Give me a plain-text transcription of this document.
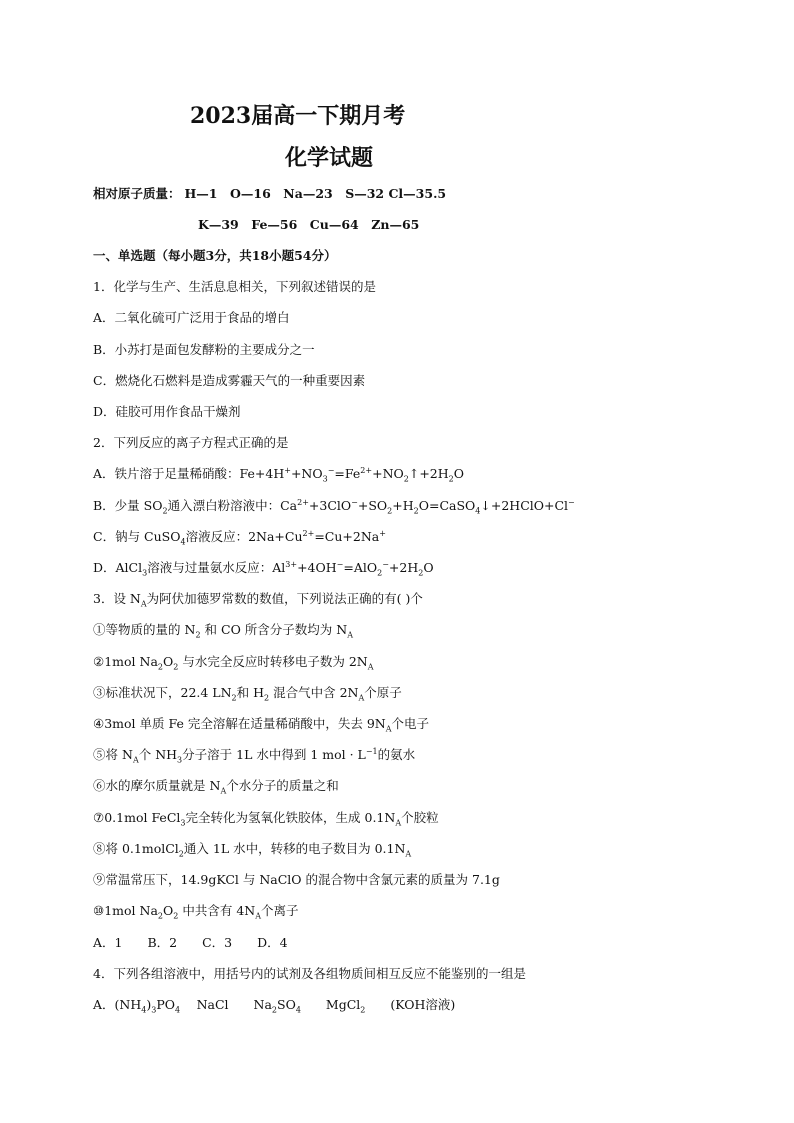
2023届高一下期月考
化学试题
相对原子质量： H—1　O—16　Na—23　S—32 Cl—35.5
K—39　Fe—56　Cu—64　Zn—65
一、单选题（每小题3分，共18小题54分）
1．化学与生产、生活息息相关，下列叙述错误的是
A．二氧化硫可广泛用于食品的增白
B．小苏打是面包发酵粉的主要成分之一
C．燃烧化石燃料是造成雾霾天气的一种重要因素
D．硅胶可用作食品干燥剂
2．下列反应的离子方程式正确的是
A．铁片溶于足量稀硝酸：$Fe+4H^++NO_3^-=Fe^{2+}+NO_2↑+2H_2O$
B．少量 $SO_2$通入漂白粉溶液中：$Ca^{2+}+3ClO^-+SO_2+H_2O=CaSO_4↓+2HClO+Cl^-$
C．钠与 CuSO$_4$溶液反应：$2Na+Cu^{2+}=Cu+2Na^+$
D．AlCl$_3$溶液与过量氨水反应：$Al^{3+}+4OH^-=AlO_2^-+2H_2O$
3．设 $N_A$为阿伏加德罗常数的数值，下列说法正确的有( )个
①等物质的量的 $N_2$ 和 CO 所含分子数均为 $N_A$
②1mol $Na_2O_2$ 与水完全反应时转移电子数为 $2N_A$
③标准状况下，22.4 $LN_2$和 $H_2$ 混合气中含 $2N_A$个原子
④3mol 单质 Fe 完全溶解在适量稀硝酸中，失去 $9N_A$个电子
⑤将 $N_A$个 $NH_3$分子溶于 1L 水中得到 1 mol · $L^{-1}$的氨水
⑥水的摩尔质量就是 $N_A$个水分子的质量之和
⑦0.1mol FeCl$_3$完全转化为氢氧化铁胶体，生成 $0.1N_A$个胶粒
⑧将 0.1molCl$_2$通入 1L 水中，转移的电子数目为 $0.1N_A$
⑨常温常压下，14.9gKCl 与 NaClO 的混合物中含氯元素的质量为 7.1g
⑩1mol $Na_2O_2$ 中共含有 $4N_A$个离子
A．1　　B．2　　C．3　　D．4
4．下列各组溶液中，用括号内的试剂及各组物质间相互反应不能鉴别的一组是
A．$(NH_4)_3PO_4$　 NaCl　　$Na_2SO_4$　　MgCl$_2$　　 (KOH溶液)
